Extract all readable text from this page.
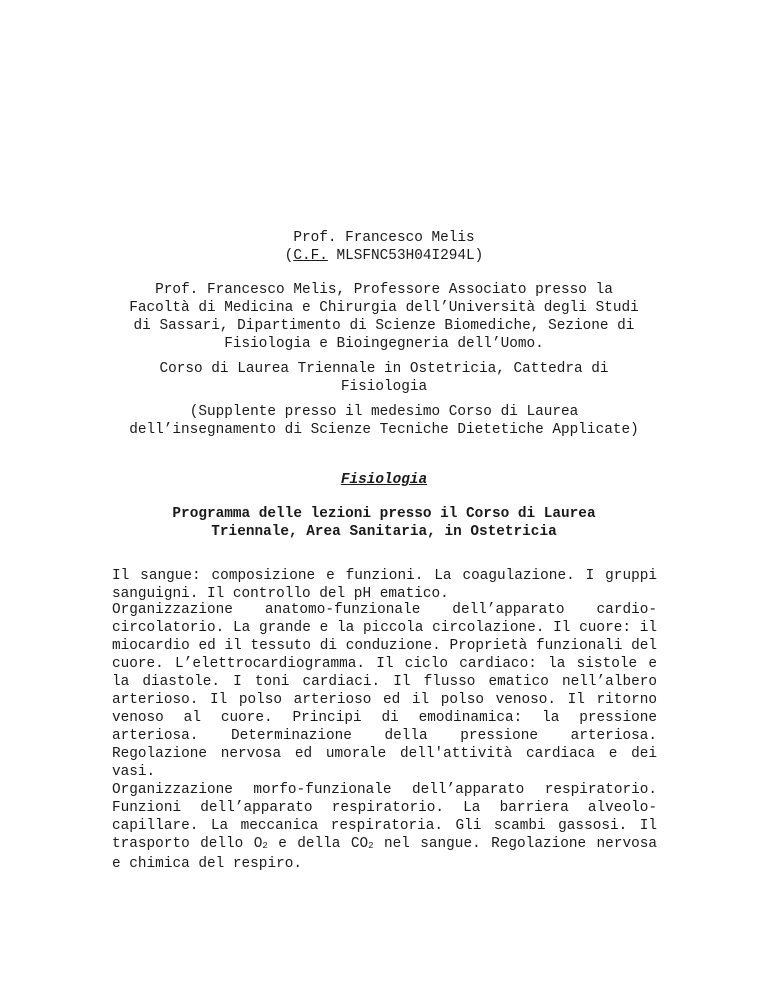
Prof. Francesco Melis
(C.F. MLSFNC53H04I294L)
Prof. Francesco Melis, Professore Associato presso la
Facoltà di Medicina e Chirurgia dell’Università degli Studi
di Sassari, Dipartimento di Scienze Biomediche, Sezione di
Fisiologia e Bioingegneria dell’Uomo.
Corso di Laurea Triennale in Ostetricia, Cattedra di
Fisiologia
(Supplente presso il medesimo Corso di Laurea
dell’insegnamento di Scienze Tecniche Dietetiche Applicate)
Fisiologia
Programma delle lezioni presso il Corso di Laurea
Triennale, Area Sanitaria, in Ostetricia
Il sangue: composizione e funzioni. La coagulazione. I gruppi sanguigni. Il controllo del pH ematico.
Organizzazione anatomo-funzionale dell’apparato cardio-circolatorio. La grande e la piccola circolazione. Il cuore: il miocardio ed il tessuto di conduzione. Proprietà funzionali del cuore. L’elettrocardiogramma. Il ciclo cardiaco: la sistole e la diastole. I toni cardiaci. Il flusso ematico nell’albero arterioso. Il polso arterioso ed il polso venoso. Il ritorno venoso al cuore. Principi di emodinamica: la pressione arteriosa. Determinazione della pressione arteriosa. Regolazione nervosa ed umorale dell'attività cardiaca e dei vasi.
Organizzazione morfo-funzionale dell’apparato respiratorio. Funzioni dell’apparato respiratorio. La barriera alveolo-capillare. La meccanica respiratoria. Gli scambi gassosi. Il trasporto dello $O_2$ e della $CO_2$ nel sangue. Regolazione nervosa e chimica del respiro.
